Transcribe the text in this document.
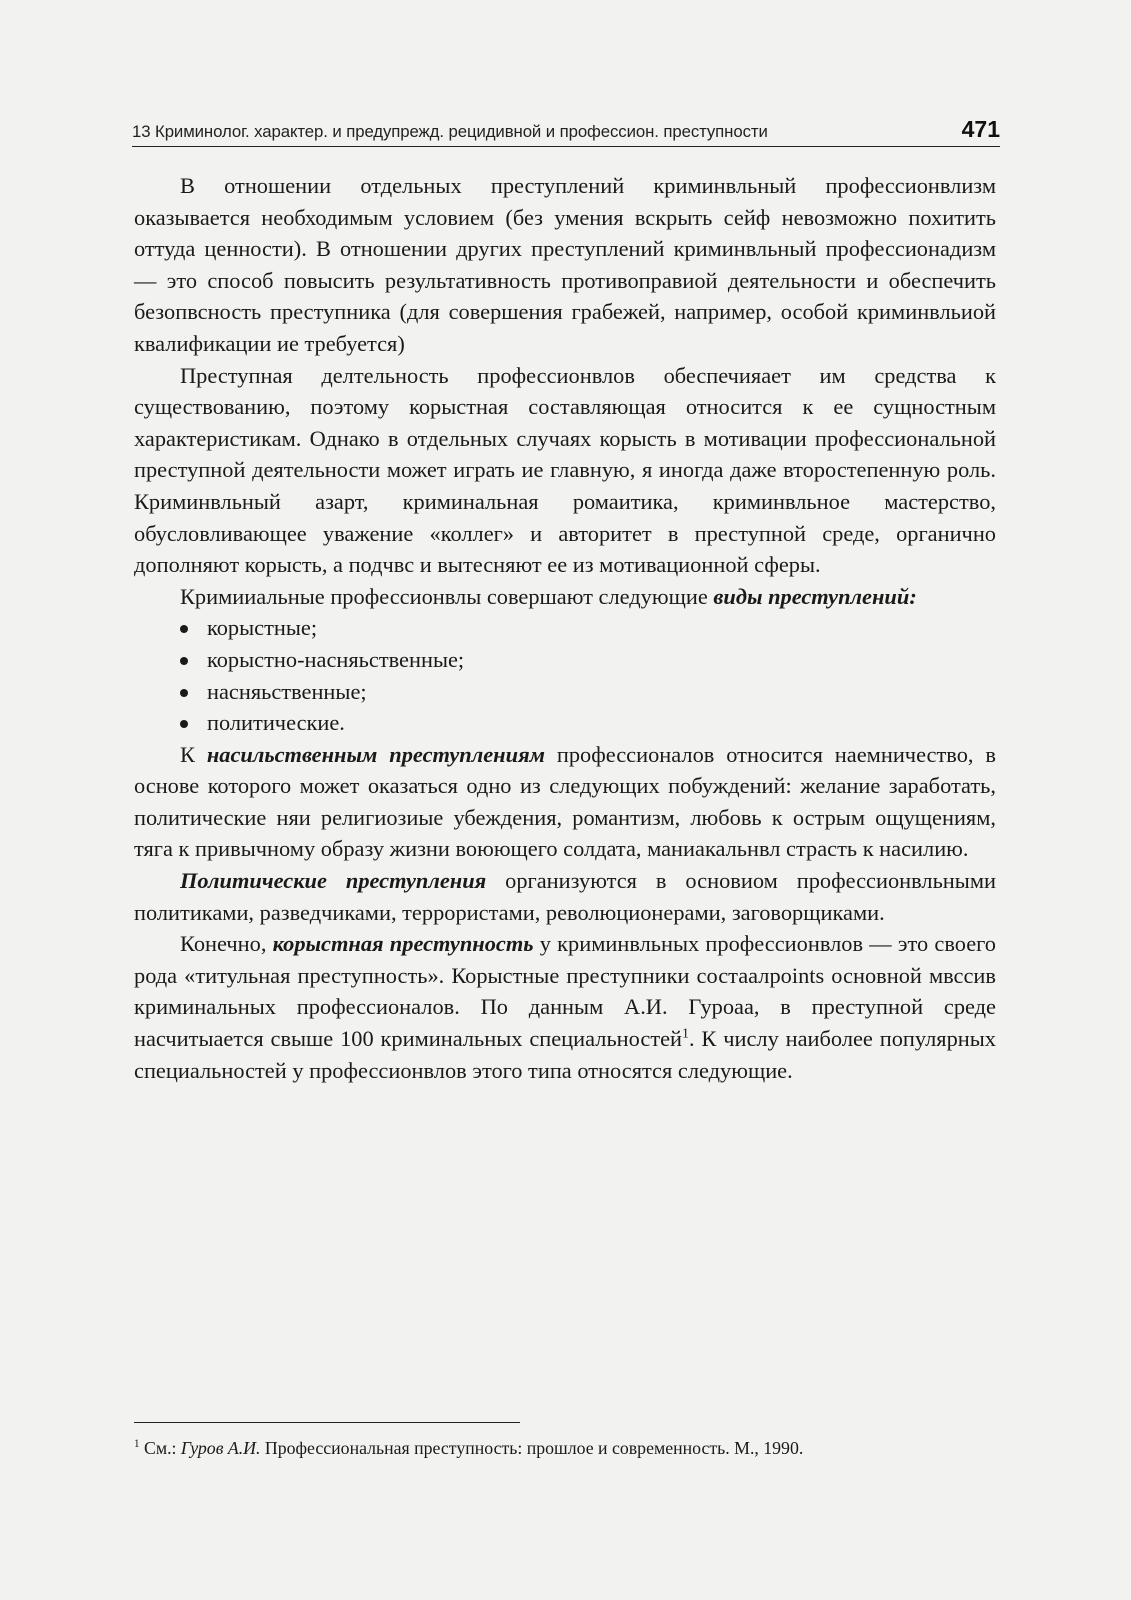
13 Криминолог. характер. и предупрежд. рецидивной и профессион. преступности	471

В отношении отдельных преступлений криминвльный профессионвлизм оказывается необходимым условием (без умения вскрыть сейф невозможно похитить оттуда ценности). В отношении других преступлений криминвльный профессионадизм — это способ повысить результативность противоправиой деятельности и обеспечить безопвсность преступника (для совершения грабежей, например, особой криминвльиой квалификации ие требуется)

Преступная делтельность профессионвлов обеспечияает им средства к существованию, поэтому корыстная составляющая относится к ее сущностным характеристикам. Однако в отдельных случаях корысть в мотивации профессиональной преступной деятельности может играть ие главную, я иногда даже второстепенную роль. Криминвльный азарт, криминальная ромаитика, криминвльное мастерство, обусловливающее уважение «коллег» и авторитет в преступной среде, органично дополняют корысть, а подчвс и вытесняют ее из мотивационной сферы.

Кримииальные профессионвлы совершают следующие виды преступлений:

корыстные;
корыстно-насняьственные;
насняьственные;
политические.

К насильственным преступлениям профессионалов относится наемничество, в основе которого может оказаться одно из следующих побуждений: желание заработать, политические няи религиозиые убеждения, романтизм, любовь к острым ощущениям, тяга к привычному образу жизни воюющего солдата, маниакальнвл страсть к насилию.

Политические преступления организуются в основиом профессионвльными политиками, разведчиками, террористами, революционерами, заговорщиками.

Конечно, корыстная преступность у криминвльных профессионвлов — это своего рода «титульная преступность». Корыстные преступники состаалpoints основной мвссив криминальных профессионалов. По данным А.И. Гуроаа, в преступной среде насчитыается свыше 100 криминальных специальностей$^1$. К числу наиболее популярных специальностей у профессионвлов этого типа относятся следующие.

$^1$ См.: Гуров А.И. Профессиональная преступность: прошлое и современность. М., 1990.
